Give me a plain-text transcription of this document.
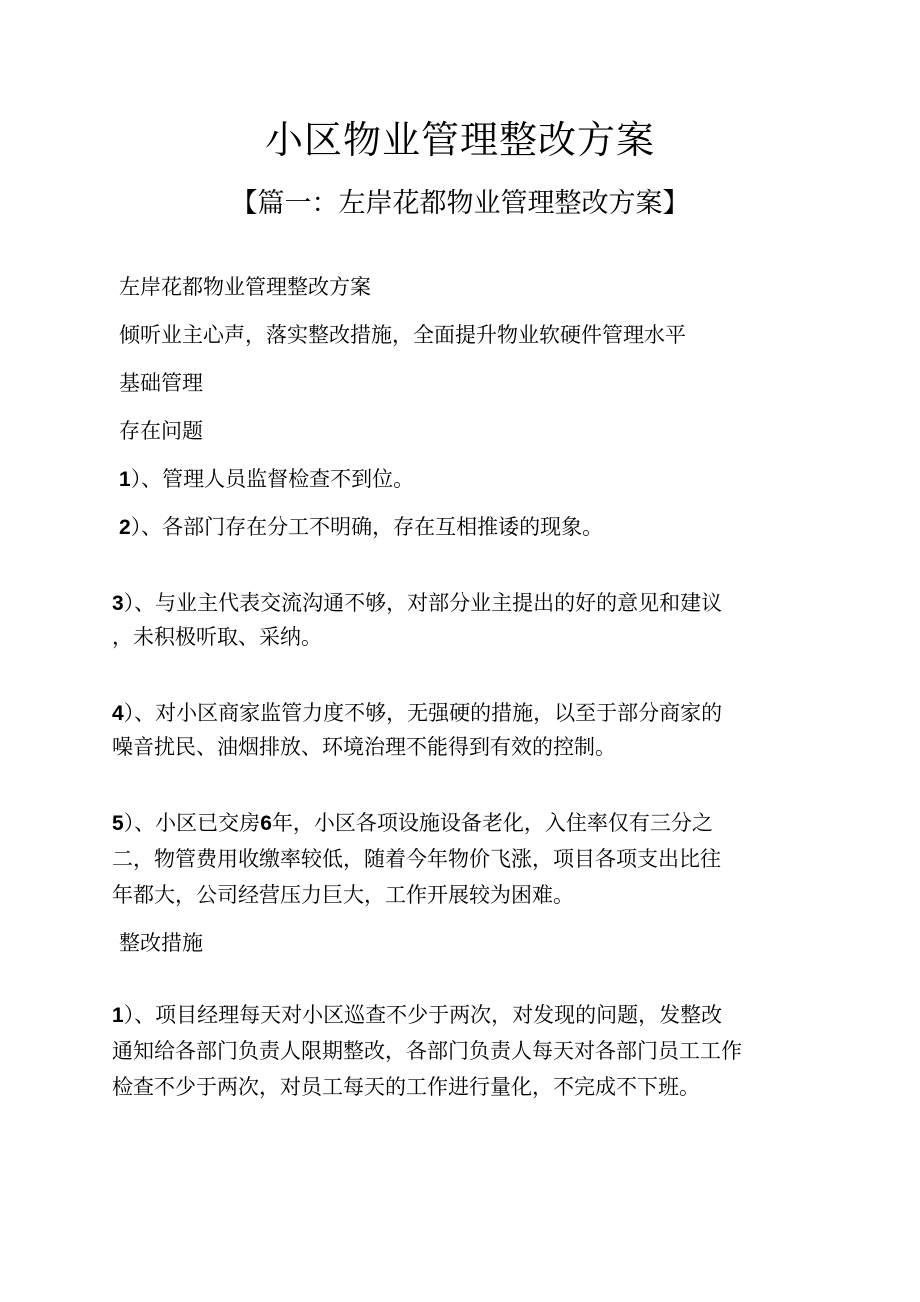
小区物业管理整改方案
【篇一：左岸花都物业管理整改方案】

左岸花都物业管理整改方案

倾听业主心声，落实整改措施，全面提升物业软硬件管理水平

基础管理

存在问题

1）、管理人员监督检查不到位。

2）、各部门存在分工不明确，存在互相推诿的现象。

3）、与业主代表交流沟通不够，对部分业主提出的好的意见和建议

，未积极听取、采纳。

4）、对小区商家监管力度不够，无强硬的措施，以至于部分商家的

噪音扰民、油烟排放、环境治理不能得到有效的控制。

5）、小区已交房6年，小区各项设施设备老化，入住率仅有三分之

二，物管费用收缴率较低，随着今年物价飞涨，项目各项支出比往

年都大，公司经营压力巨大，工作开展较为困难。

整改措施

1）、项目经理每天对小区巡查不少于两次，对发现的问题，发整改

通知给各部门负责人限期整改，各部门负责人每天对各部门员工工作

检查不少于两次，对员工每天的工作进行量化，不完成不下班。
